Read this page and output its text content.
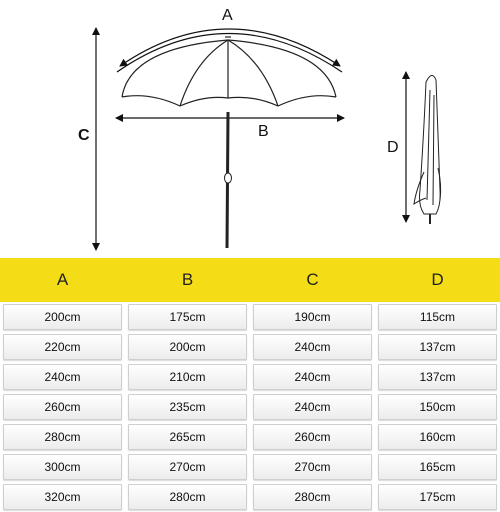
A
B
C
D
A	B	C	D

200cm	175cm	190cm	115cm

220cm	200cm	240cm	137cm

240cm	210cm	240cm	137cm

260cm	235cm	240cm	150cm

280cm	265cm	260cm	160cm

300cm	270cm	270cm	165cm

320cm	280cm	280cm	175cm
